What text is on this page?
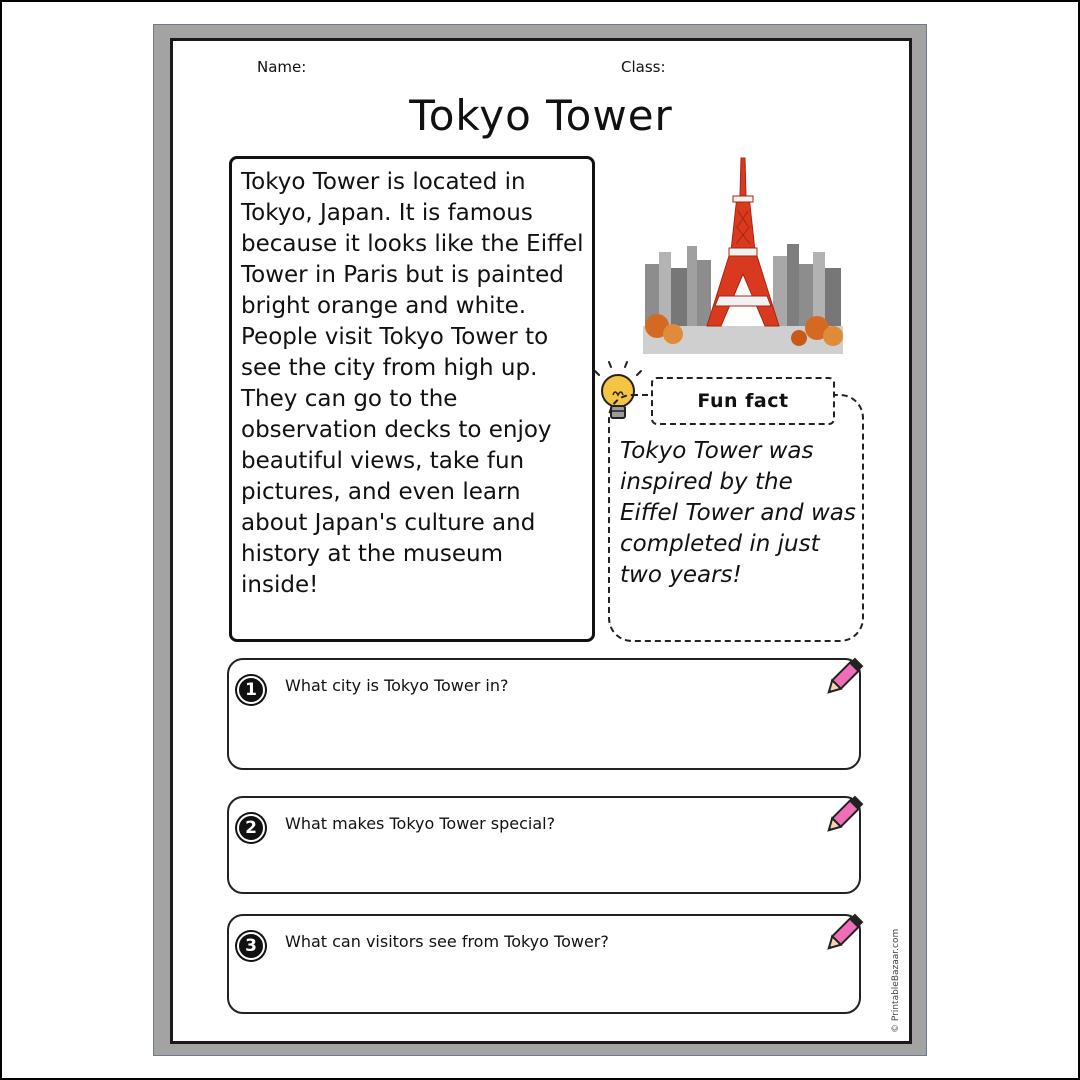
Name:	Class:
Tokyo Tower

Tokyo Tower is located in Tokyo, Japan. It is famous because it looks like the Eiffel Tower in Paris but is painted bright orange and white. People visit Tokyo Tower to see the city from high up. They can go to the observation decks to enjoy beautiful views, take fun pictures, and even learn about Japan's culture and history at the museum inside!

Tokyo Tower was inspired by the Eiffel Tower and was completed in just two years!

Fun fact
1	What city is Tokyo Tower in?
2	What makes Tokyo Tower special?
3	What can visitors see from Tokyo Tower?	© PrintableBazaar.com
